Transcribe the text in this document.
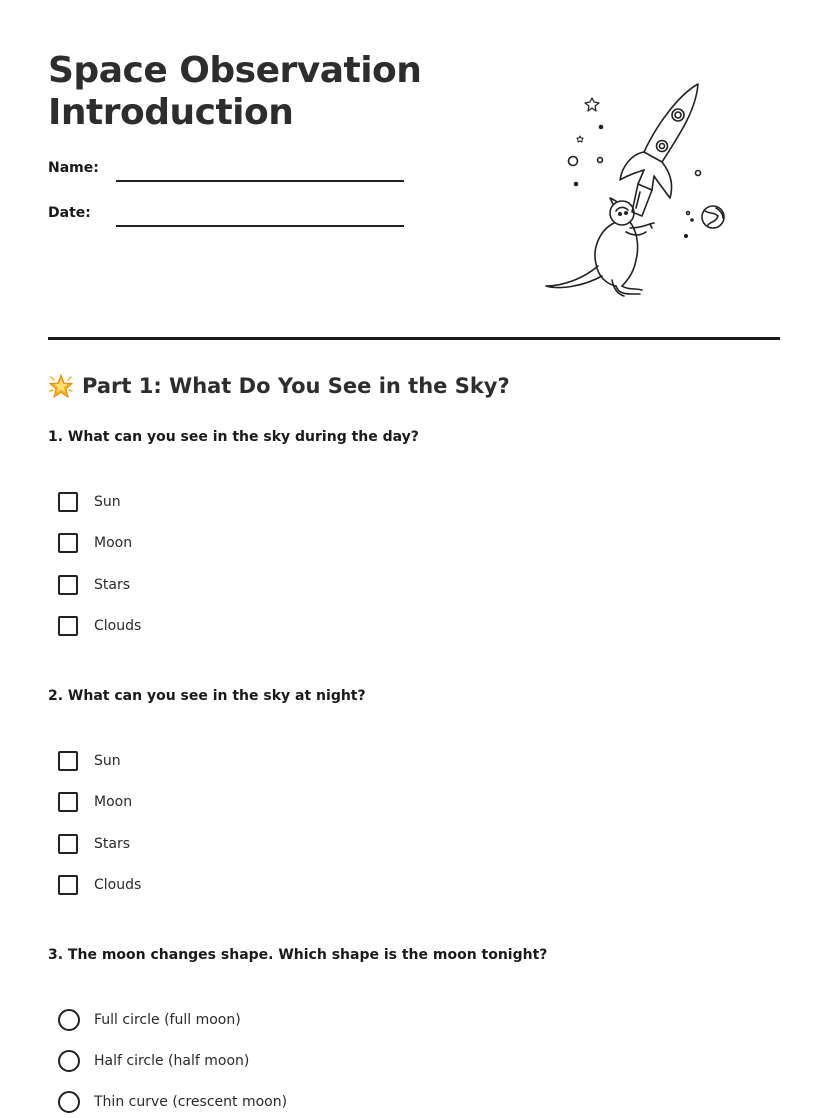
Space Observation Introduction
Name:
Date:
Part 1: What Do You See in the Sky?
1. What can you see in the sky during the day?
Sun
Moon
Stars
Clouds
2. What can you see in the sky at night?
Sun
Moon
Stars
Clouds
3. The moon changes shape. Which shape is the moon tonight?
Full circle (full moon)
Half circle (half moon)
Thin curve (crescent moon)
